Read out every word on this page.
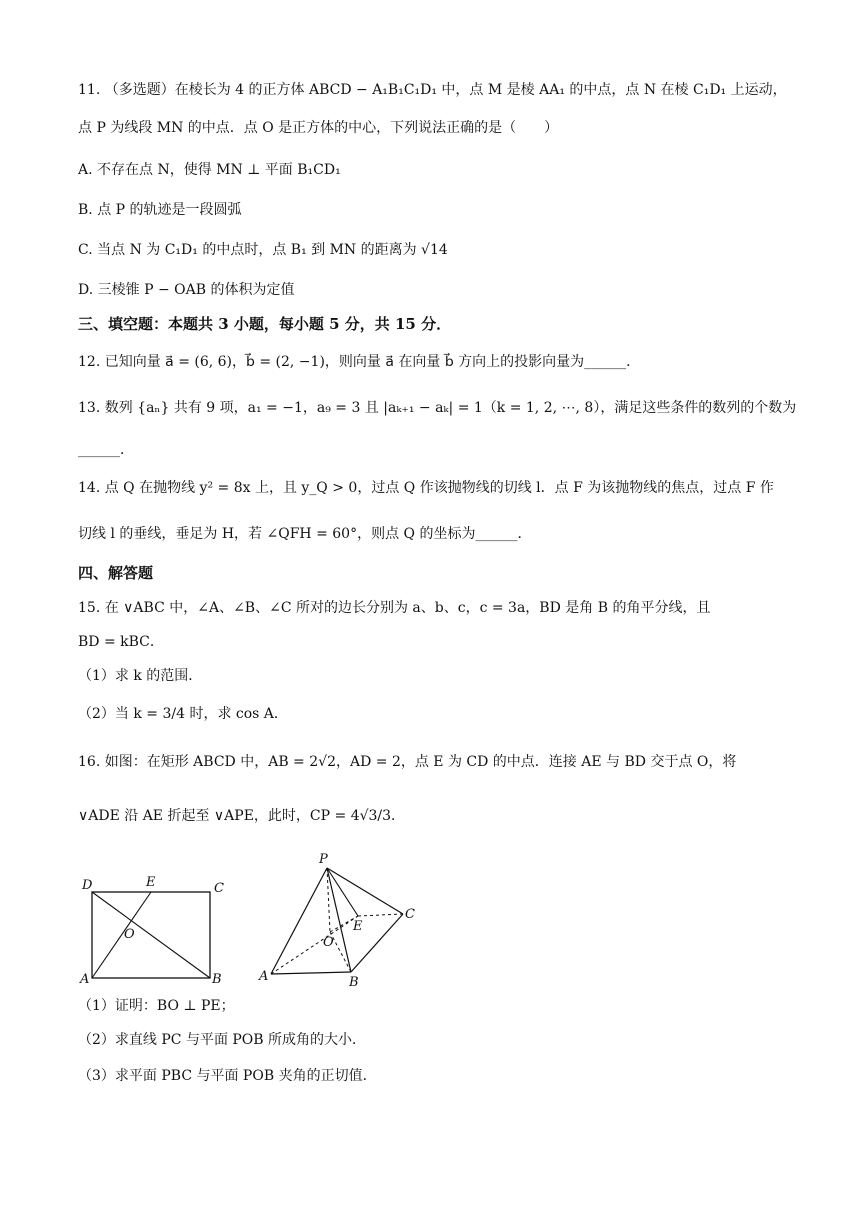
11. （多选题）在棱长为 4 的正方体 ABCD − A₁B₁C₁D₁ 中，点 M 是棱 AA₁ 的中点，点 N 在棱 C₁D₁ 上运动，
点 P 为线段 MN 的中点．点 O 是正方体的中心，下列说法正确的是（　　）
A. 不存在点 N，使得 MN ⊥ 平面 B₁CD₁
B. 点 P 的轨迹是一段圆弧
C. 当点 N 为 C₁D₁ 的中点时，点 B₁ 到 MN 的距离为 √14
D. 三棱锥 P − OAB 的体积为定值
三、填空题：本题共 3 小题，每小题 5 分，共 15 分．
12. 已知向量 a⃗ = (6, 6)，b⃗ = (2, −1)，则向量 a⃗ 在向量 b⃗ 方向上的投影向量为______．
13. 数列 {aₙ} 共有 9 项，a₁ = −1，a₉ = 3 且 |aₖ₊₁ − aₖ| = 1（k = 1, 2, ⋯, 8），满足这些条件的数列的个数为
______．
14. 点 Q 在抛物线 y² = 8x 上，且 y_Q > 0，过点 Q 作该抛物线的切线 l．点 F 为该抛物线的焦点，过点 F 作
切线 l 的垂线，垂足为 H，若 ∠QFH = 60°，则点 Q 的坐标为______．
四、解答题
15. 在 ∨ABC 中，∠A、∠B、∠C 所对的边长分别为 a、b、c，c = 3a，BD 是角 B 的角平分线，且
BD = kBC．
（1）求 k 的范围．
（2）当 k = 3/4 时，求 cos A．
16. 如图：在矩形 ABCD 中，AB = 2√2，AD = 2，点 E 为 CD 的中点．连接 AE 与 BD 交于点 O，将
∨ADE 沿 AE 折起至 ∨APE，此时，CP = 4√3/3．
D	E	C
O
A	B
P
C
E
O
A	B
（1）证明：BO ⊥ PE；
（2）求直线 PC 与平面 POB 所成角的大小．
（3）求平面 PBC 与平面 POB 夹角的正切值．
